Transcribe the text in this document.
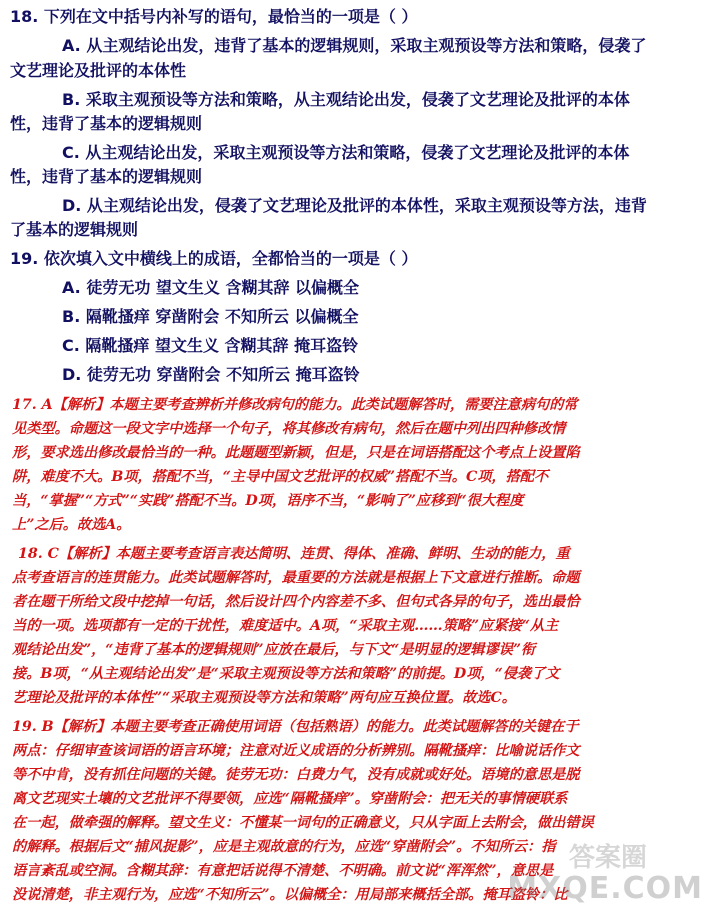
18. 下列在文中括号内补写的语句，最恰当的一项是（ ）
A. 从主观结论出发，违背了基本的逻辑规则，采取主观预设等方法和策略，侵袭了
文艺理论及批评的本体性
B. 采取主观预设等方法和策略，从主观结论出发，侵袭了文艺理论及批评的本体
性，违背了基本的逻辑规则
C. 从主观结论出发，采取主观预设等方法和策略，侵袭了文艺理论及批评的本体
性，违背了基本的逻辑规则
D. 从主观结论出发，侵袭了文艺理论及批评的本体性，采取主观预设等方法，违背
了基本的逻辑规则
19. 依次填入文中横线上的成语，全都恰当的一项是（ ）
A. 徒劳无功 望文生义 含糊其辞 以偏概全
B. 隔靴搔痒 穿凿附会 不知所云 以偏概全
C. 隔靴搔痒 望文生义 含糊其辞 掩耳盗铃
D. 徒劳无功 穿凿附会 不知所云 掩耳盗铃
17. A【解析】本题主要考查辨析并修改病句的能力。此类试题解答时，需要注意病句的常
见类型。命题这一段文字中选择一个句子，将其修改有病句，然后在题中列出四种修改情
形，要求选出修改最恰当的一种。此题题型新颖，但是，只是在词语搭配这个考点上设置陷
阱，难度不大。B项，搭配不当，“主导中国文艺批评的权威”搭配不当。C项，搭配不
当，“掌握”“方式”“实践”搭配不当。D项，语序不当，“影响了”应移到“很大程度
上”之后。故选A。
18. C【解析】本题主要考查语言表达简明、连贯、得体、准确、鲜明、生动的能力，重
点考查语言的连贯能力。此类试题解答时，最重要的方法就是根据上下文意进行推断。命题
者在题干所给文段中挖掉一句话，然后设计四个内容差不多、但句式各异的句子，选出最恰
当的一项。选项都有一定的干扰性，难度适中。A项，“采取主观……策略”应紧接“从主
观结论出发”，“违背了基本的逻辑规则”应放在最后，与下文“是明显的逻辑谬误”衔
接。B项，“从主观结论出发”是“采取主观预设等方法和策略”的前提。D项，“侵袭了文
艺理论及批评的本体性”“采取主观预设等方法和策略”两句应互换位置。故选C。
19. B【解析】本题主要考查正确使用词语（包括熟语）的能力。此类试题解答的关键在于
两点：仔细审查该词语的语言环境；注意对近义成语的分析辨别。隔靴搔痒：比喻说话作文
等不中肯，没有抓住问题的关键。徒劳无功：白费力气，没有成就或好处。语境的意思是脱
离文艺现实土壤的文艺批评不得要领，应选“隔靴搔痒”。穿凿附会：把无关的事情硬联系
在一起，做牵强的解释。望文生义：不懂某一词句的正确意义，只从字面上去附会，做出错误
的解释。根据后文“捕风捉影”，应是主观故意的行为，应选“穿凿附会”。不知所云：指
语言紊乱或空洞。含糊其辞：有意把话说得不清楚、不明确。前文说“浑浑然”，意思是
没说清楚，非主观行为，应选“不知所云”。以偏概全：用局部来概括全部。掩耳盗铃：比
答案圈
MXQE.COM
